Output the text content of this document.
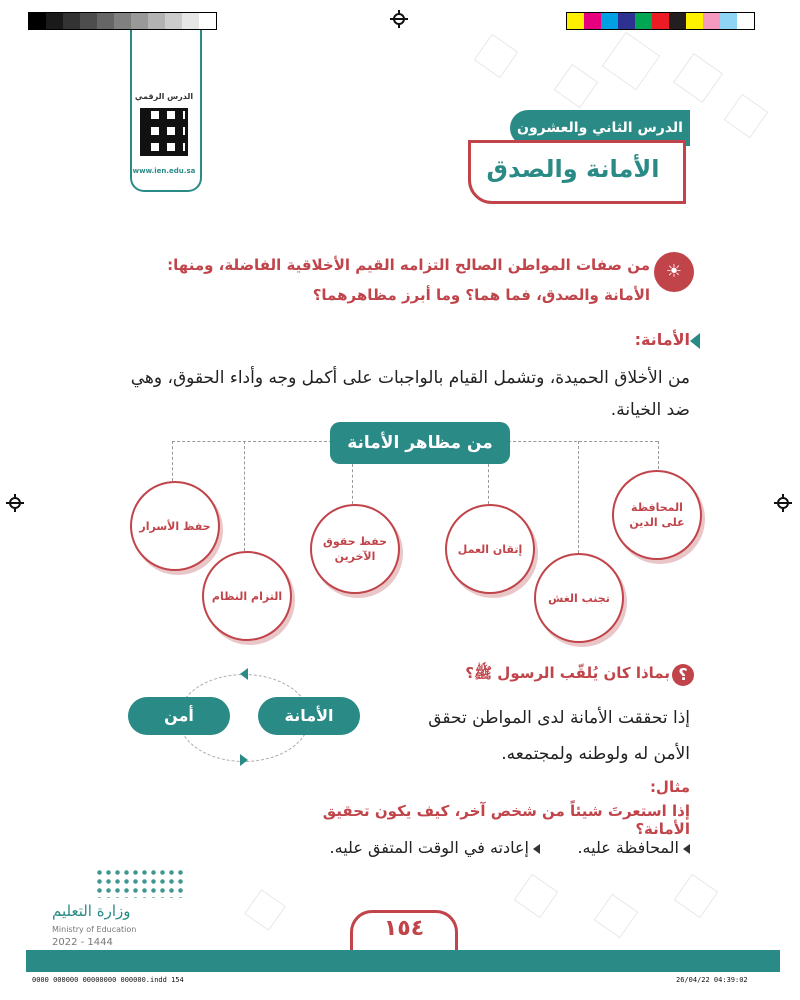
الدرس الرقمي
www.ien.edu.sa
الدرس الثاني والعشرون
الأمانة والصدق
☀
من صفات المواطن الصالح التزامه القيم الأخلاقية الفاضلة، ومنها: الأمانة والصدق، فما هما؟ وما أبرز مظاهرهما؟
الأمانة:
من الأخلاق الحميدة، وتشمل القيام بالواجبات على أكمل وجه وأداء الحقوق، وهي ضد الخيانة.
من مظاهر الأمانة
المحافظة على الدين
تجنب الغش
إتقان العمل
حفظ حقوق الآخرين
التزام النظام
حفظ الأسرار
؟
بماذا كان يُلقّب الرسول ﷺ؟
أمن	الأمانة	إذا تحققت الأمانة لدى المواطن تحقق الأمن له ولوطنه ولمجتمعه.
مثال:
إذا استعرتَ شيئاً من شخص آخر، كيف يكون تحقيق الأمانة؟
المحافظة عليه.
إعادته في الوقت المتفق عليه.
وزارة التعليم
Ministry of Education
2022 - 1444
١٥٤
0000 000000 00000000 000000.indd 154	26/04/22 04:39:02
